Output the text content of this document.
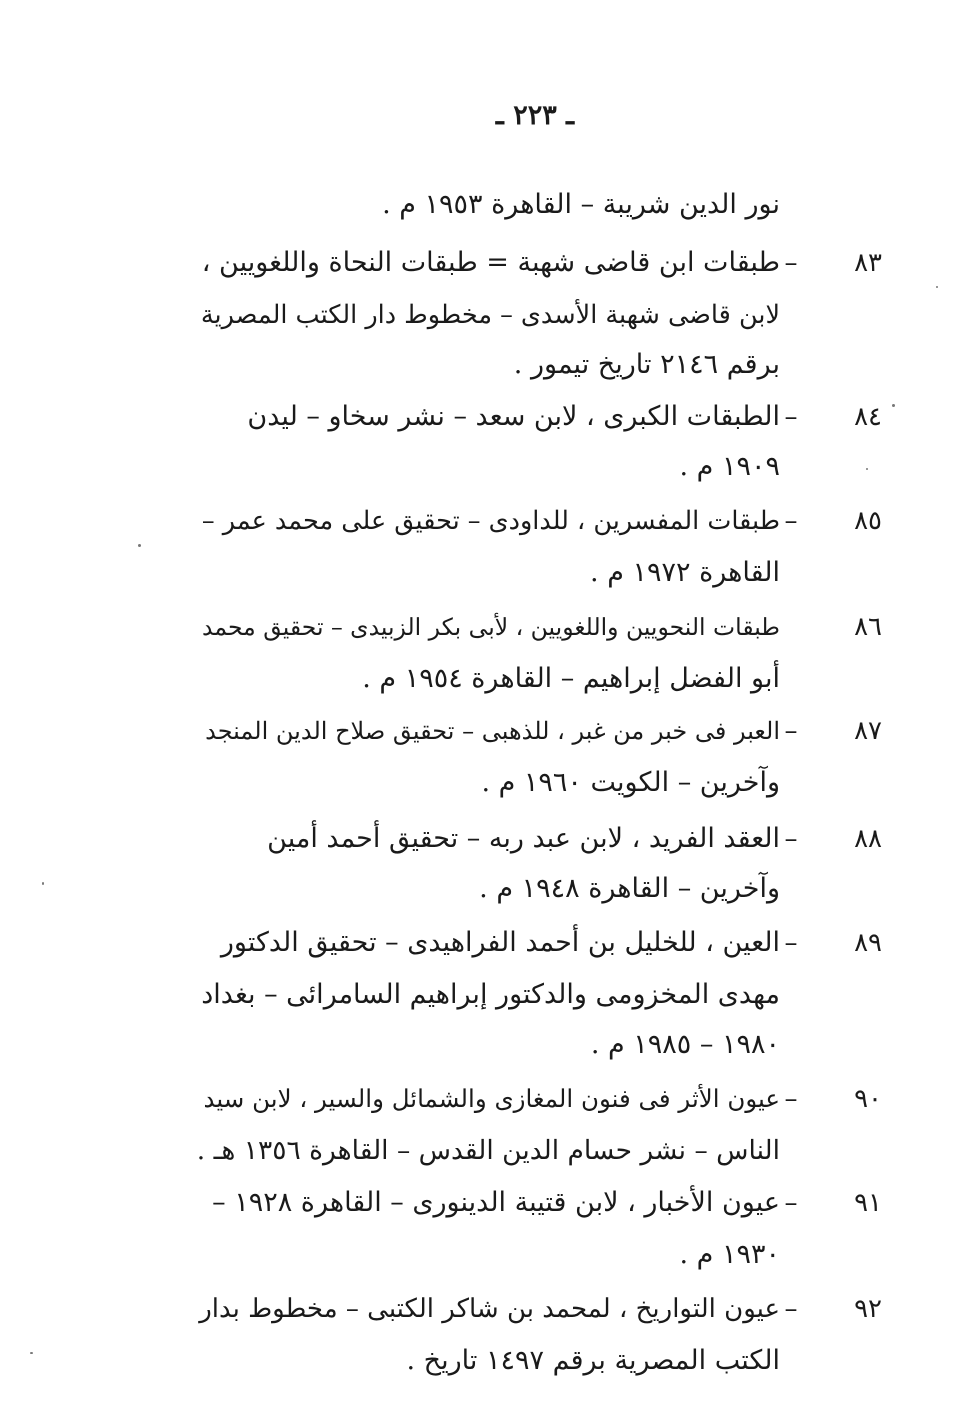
ـ ٢٢٣ ـ
نور الدين شريبة – القاهرة ١٩٥٣ م .
٨٣
–
طبقات ابن قاضى شهبة = طبقات النحاة واللغويين ،
لابن قاضى شهبة الأسدى – مخطوط دار الكتب المصرية
برقم ٢١٤٦ تاريخ تيمور .
٨٤
–
الطبقات الكبرى ، لابن سعد – نشر سخاو – ليدن
١٩٠٩ م .
٨٥
–
طبقات المفسرين ، للداودى – تحقيق على محمد عمر –
القاهرة ١٩٧٢ م .
٨٦
طبقات النحويين واللغويين ، لأبى بكر الزبيدى – تحقيق محمد
أبو الفضل إبراهيم – القاهرة ١٩٥٤ م .
٨٧
–
العبر فى خبر من غبر ، للذهبى – تحقيق صلاح الدين المنجد
وآخرين – الكويت ١٩٦٠ م .
٨٨
–
العقد الفريد ، لابن عبد ربه – تحقيق أحمد أمين
وآخرين – القاهرة ١٩٤٨ م .
٨٩
–
العين ، للخليل بن أحمد الفراهيدى – تحقيق الدكتور
مهدى المخزومى والدكتور إبراهيم السامرائى – بغداد
١٩٨٠ – ١٩٨٥ م .
٩٠
–
عيون الأثر فى فنون المغازى والشمائل والسير ، لابن سيد
الناس – نشر حسام الدين القدس – القاهرة ١٣٥٦ هـ .
٩١
–
عيون الأخبار ، لابن قتيبة الدينورى – القاهرة ١٩٢٨ –
١٩٣٠ م .
٩٢
–
عيون التواريخ ، لمحمد بن شاكر الكتبى – مخطوط بدار
الكتب المصرية برقم ١٤٩٧ تاريخ .
